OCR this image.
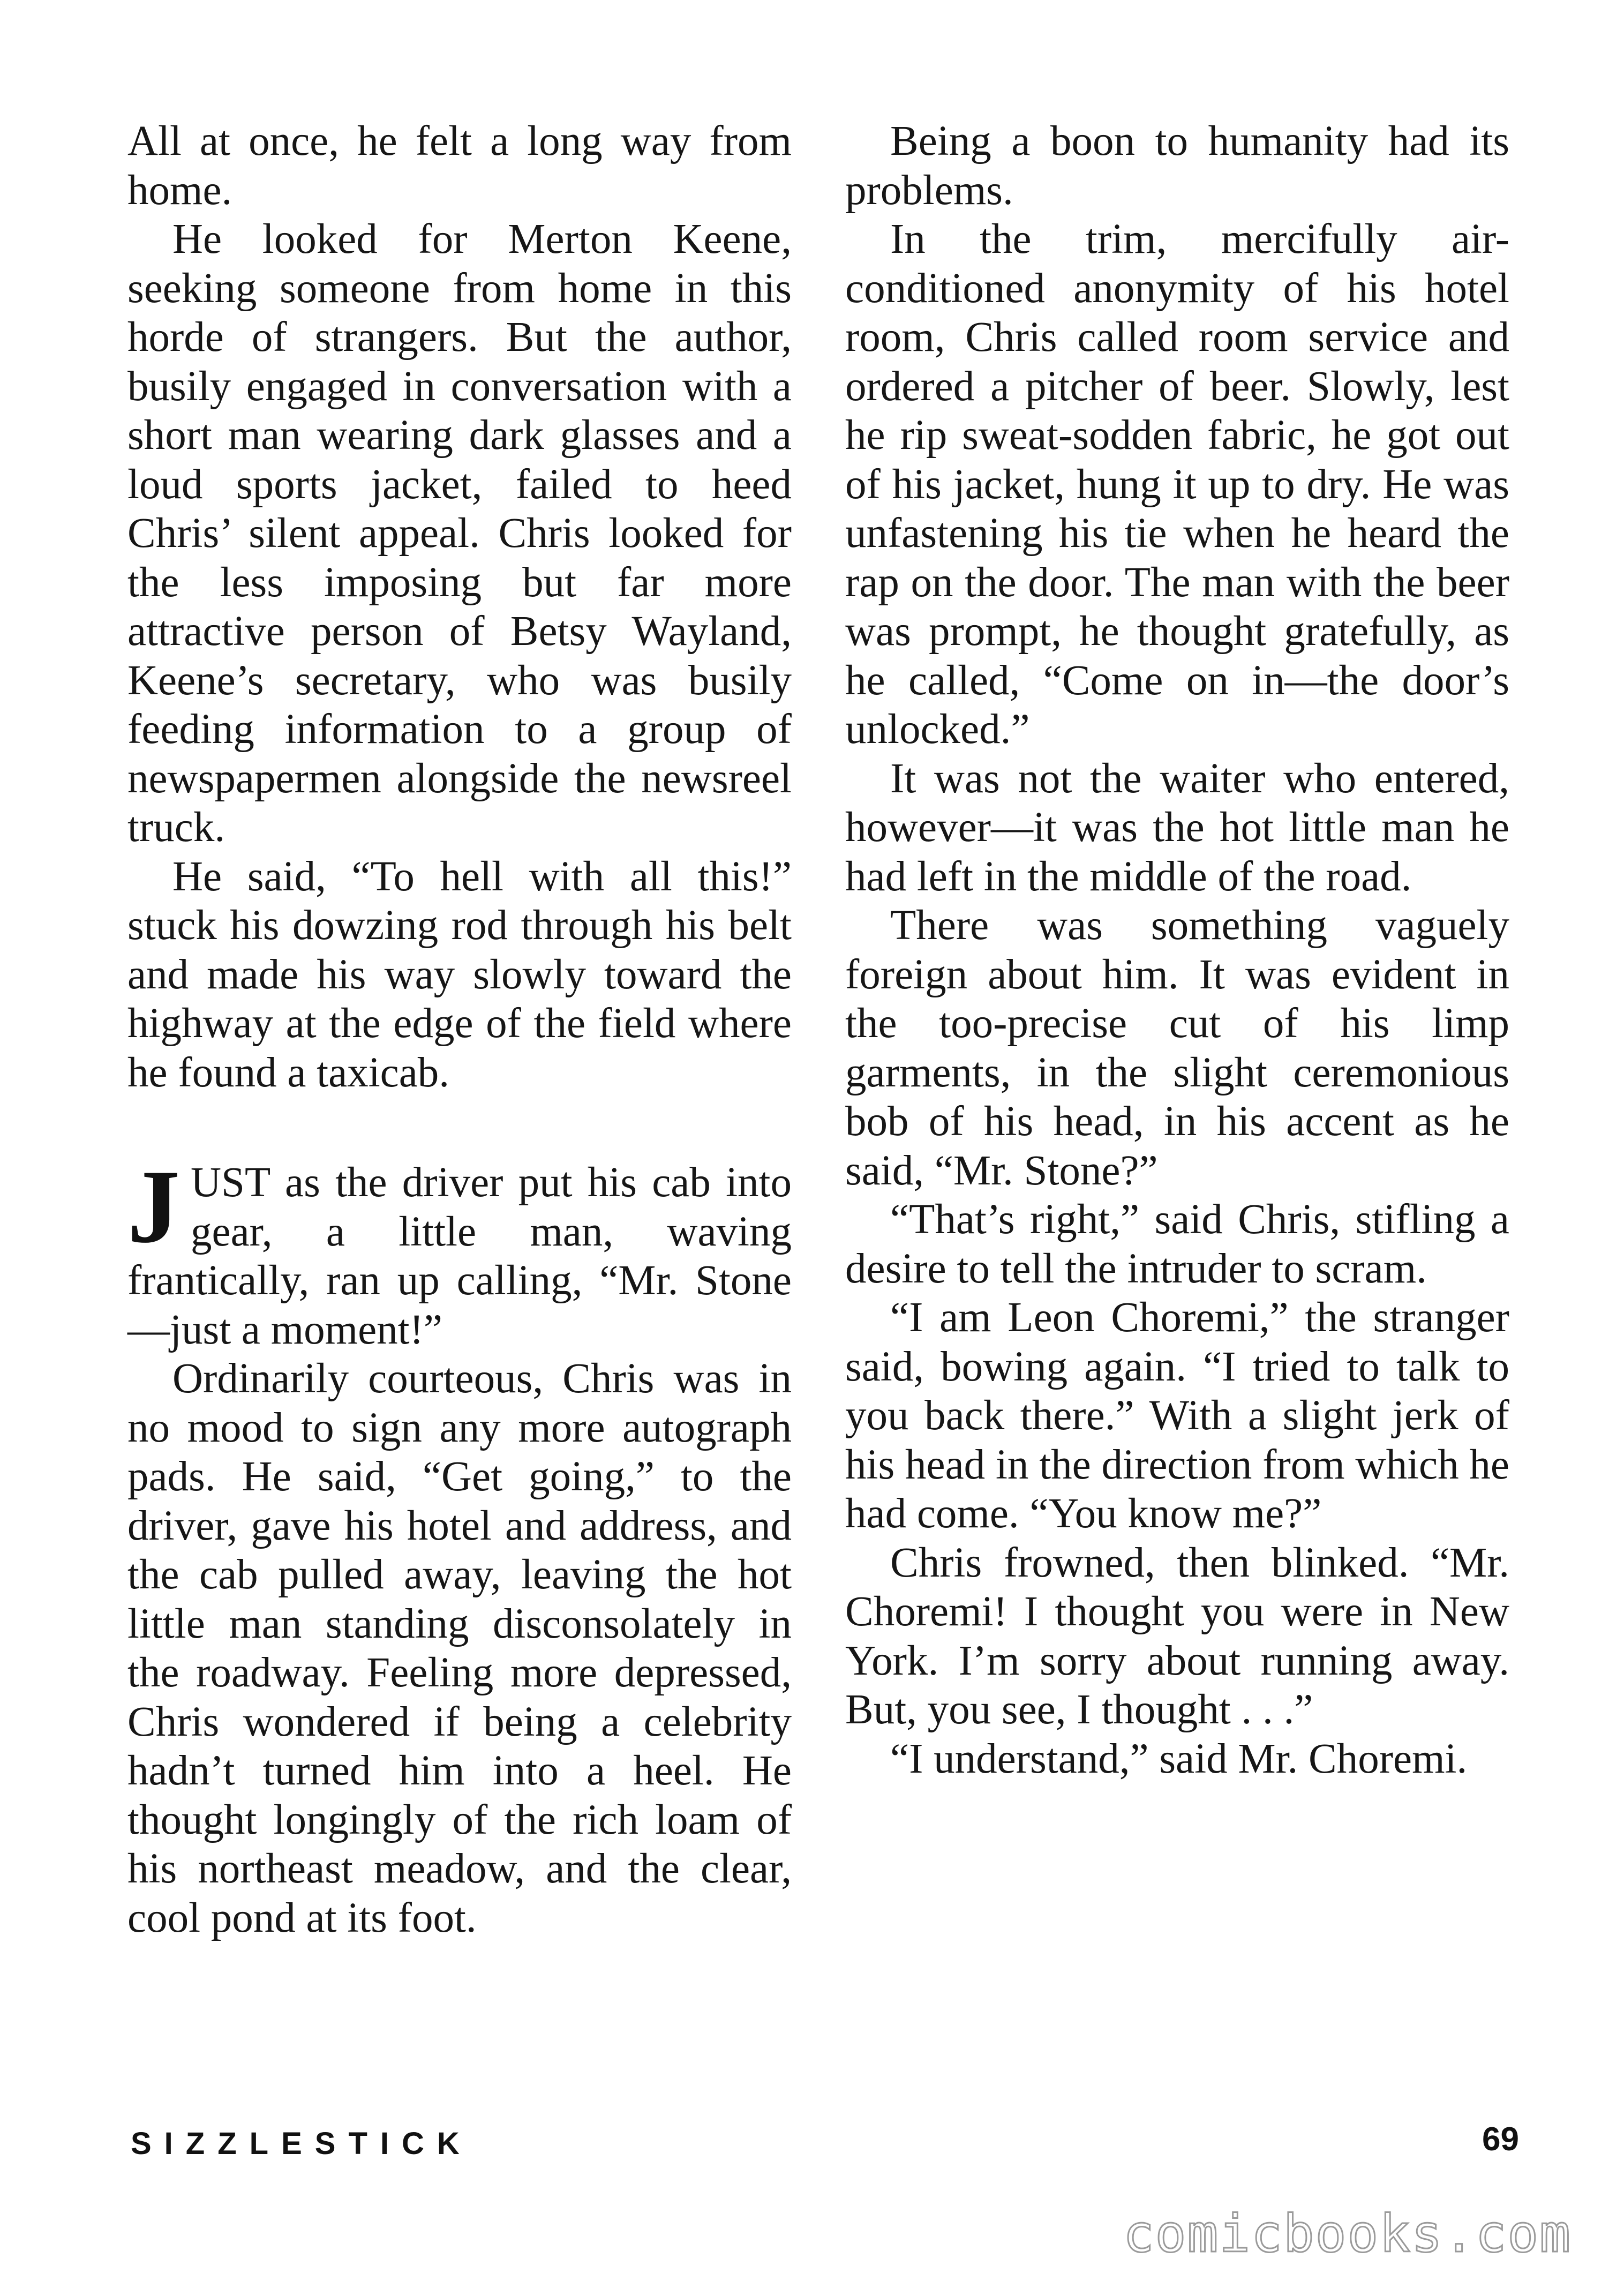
All at once, he felt a long way from home.

He looked for Merton Keene, seeking someone from home in this horde of strangers. But the author, busily engaged in conversation with a short man wearing dark glasses and a loud sports jacket, failed to heed Chris’ silent appeal. Chris looked for the less imposing but far more attractive person of Betsy Wayland, Keene’s secretary, who was busily feeding information to a group of newspapermen alongside the newsreel truck.

He said, “To hell with all this!” stuck his dowzing rod through his belt and made his way slowly toward the highway at the edge of the field where he found a taxicab.

JUST as the driver put his cab into gear, a little man, waving frantically, ran up calling, “Mr. Stone—just a moment!”

Ordinarily courteous, Chris was in no mood to sign any more autograph pads. He said, “Get going,” to the driver, gave his hotel and address, and the cab pulled away, leaving the hot little man standing disconsolately in the roadway. Feeling more depressed, Chris wondered if being a celebrity hadn’t turned him into a heel. He thought longingly of the rich loam of his northeast meadow, and the clear, cool pond at its foot.

Being a boon to humanity had its problems.

In the trim, mercifully air-conditioned anonymity of his hotel room, Chris called room service and ordered a pitcher of beer. Slowly, lest he rip sweat-sodden fabric, he got out of his jacket, hung it up to dry. He was unfastening his tie when he heard the rap on the door. The man with the beer was prompt, he thought gratefully, as he called, “Come on in—the door’s unlocked.”

It was not the waiter who entered, however—it was the hot little man he had left in the middle of the road.

There was something vaguely foreign about him. It was evident in the too-precise cut of his limp garments, in the slight ceremonious bob of his head, in his accent as he said, “Mr. Stone?”

“That’s right,” said Chris, stifling a desire to tell the intruder to scram.

“I am Leon Choremi,” the stranger said, bowing again. “I tried to talk to you back there.” With a slight jerk of his head in the direction from which he had come. “You know me?”

Chris frowned, then blinked. “Mr. Choremi! I thought you were in New York. I’m sorry about running away. But, you see, I thought . . .”

“I understand,” said Mr. Choremi.

SIZZLESTICK	69
comicbooks.com
